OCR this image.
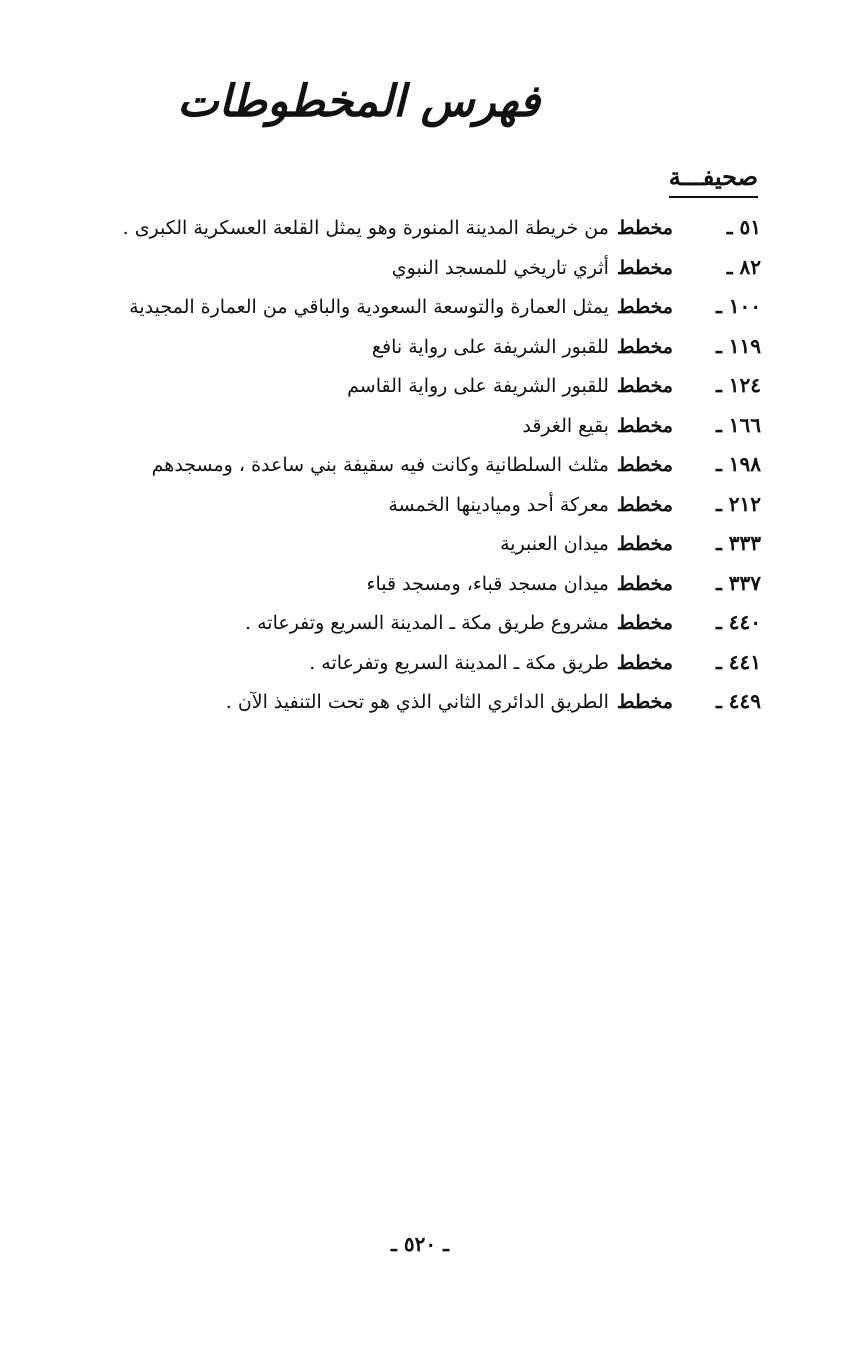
فهرس المخطوطات
صحيفـــة
٥١ ـ
مخطط
من خريطة المدينة المنورة وهو يمثل القلعة العسكرية الكبرى .
٨٢ ـ
مخطط
أثري تاريخي للمسجد النبوي
١٠٠ ـ
مخطط
يمثل العمارة والتوسعة السعودية والباقي من العمارة المجيدية
١١٩ ـ
مخطط
للقبور الشريفة على رواية نافع
١٢٤ ـ
مخطط
للقبور الشريفة على رواية القاسم
١٦٦ ـ
مخطط
بقيع الغرقد
١٩٨ ـ
مخطط
مثلث السلطانية وكانت فيه سقيفة بني ساعدة ، ومسجدهم
٢١٢ ـ
مخطط
معركة أحد وميادينها الخمسة
٣٣٣ ـ
مخطط
ميدان العنبرية
٣٣٧ ـ
مخطط
ميدان مسجد قباء، ومسجد قباء
٤٤٠ ـ
مخطط
مشروع طريق مكة ـ المدينة السريع وتفرعاته .
٤٤١ ـ
مخطط
طريق مكة ـ المدينة السريع وتفرعاته .
٤٤٩ ـ
مخطط
الطريق الدائري الثاني الذي هو تحت التنفيذ الآن .
ـ ٥٢٠ ـ
